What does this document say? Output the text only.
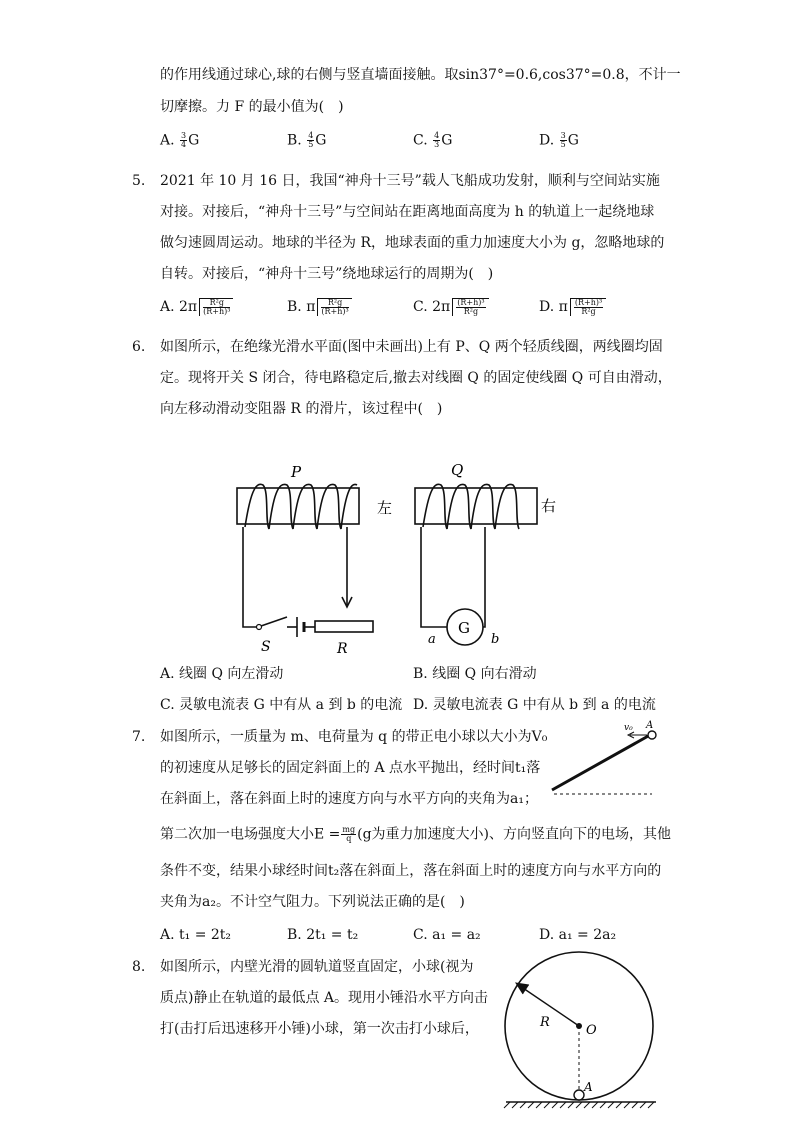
的作用线通过球心,球的右侧与竖直墙面接触。取sin37°=0.6,cos37°=0.8，不计一
切摩擦。力 F 的最小值为(　)
A. $\frac{3}{4}$ G	B. $\frac{4}{5}$ G	C. $\frac{4}{3}$ G	D. $\frac{3}{5}$ G
5. 2021 年 10 月 16 日，我国“神舟十三号”载人飞船成功发射，顺利与空间站实施
对接。对接后，“神舟十三号”与空间站在距离地面高度为 h 的轨道上一起绕地球
做匀速圆周运动。地球的半径为 R，地球表面的重力加速度大小为 g，忽略地球的
自转。对接后，“神舟十三号”绕地球运行的周期为(　)
A. $2\pi \frac{\text{R²g}}{\text{(R+h)³}}$	B. π $\frac{\text{R²g}}{\text{(R+h)³}}$	C. $2\pi \frac{\text{(R+h)³}}{\text{R²g}}$	D. π $\frac{\text{(R+h)³}}{\text{R²g}}$
6. 如图所示，在绝缘光滑水平面(图中未画出)上有 P、Q 两个轻质线圈，两线圈均固
定。现将开关 S 闭合，待电路稳定后,撤去对线圈 Q 的固定使线圈 Q 可自由滑动，
向左移动滑动变阻器 R 的滑片，该过程中(　)
P
左
S	R
Q
右
G
a	b
A. 线圈 Q 向左滑动	B. 线圈 Q 向右滑动
C. 灵敏电流表 G 中有从 a 到 b 的电流 D. 灵敏电流表 G 中有从 b 到 a 的电流
7. 如图所示，一质量为 m、电荷量为 q 的带正电小球以大小为V₀
的初速度从足够长的固定斜面上的 A 点水平抛出，经时间t₁落
在斜面上，落在斜面上时的速度方向与水平方向的夹角为a₁；
第二次加一电场强度大小$E = \frac{mg}{q} (g$为重力加速度大小)、方向竖直向下的电场，其他
条件不变，结果小球经时间t₂落在斜面上，落在斜面上时的速度方向与水平方向的
夹角为a₂。不计空气阻力。下列说法正确的是(　)
v₀ A
A. t₁ = 2t₂	B. 2t₁ = t₂	C. a₁ = a₂	D. a₁ = 2a₂
8. 如图所示，内壁光滑的圆轨道竖直固定，小球(视为
质点)静止在轨道的最低点 A。现用小锤沿水平方向击
打(击打后迅速移开小锤)小球，第一次击打小球后，	R
O
A
